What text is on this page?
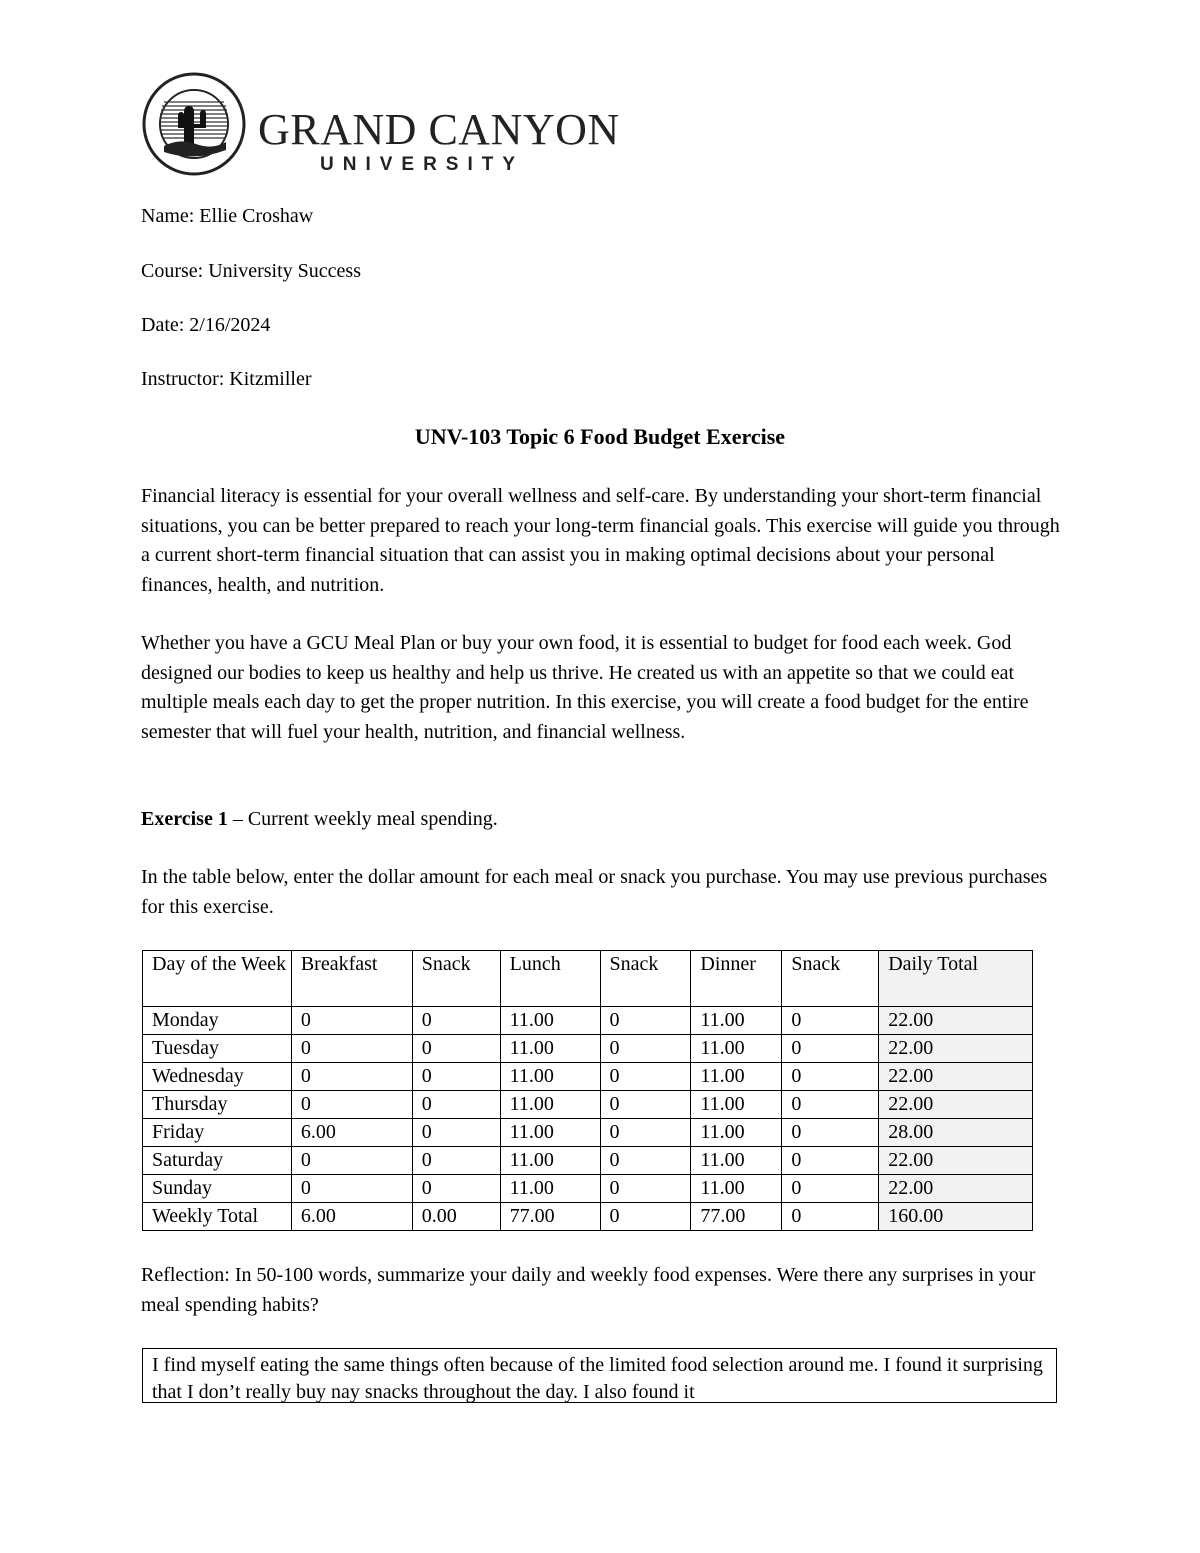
GRAND CANYON
UNIVERSITY

Name: Ellie Croshaw

Course: University Success

Date: 2/16/2024

Instructor: Kitzmiller

UNV-103 Topic 6 Food Budget Exercise

Financial literacy is essential for your overall wellness and self-care. By understanding your short-term financial situations, you can be better prepared to reach your long-term financial goals. This exercise will guide you through a current short-term financial situation that can assist you in making optimal decisions about your personal finances, health, and nutrition.

Whether you have a GCU Meal Plan or buy your own food, it is essential to budget for food each week. God designed our bodies to keep us healthy and help us thrive. He created us with an appetite so that we could eat multiple meals each day to get the proper nutrition. In this exercise, you will create a food budget for the entire semester that will fuel your health, nutrition, and financial wellness.

Exercise 1 – Current weekly meal spending.

In the table below, enter the dollar amount for each meal or snack you purchase. You may use previous purchases for this exercise.

Day of the Week	Breakfast	Snack	Lunch	Snack	Dinner	Snack	Daily Total
Monday	0	0	11.00	0	11.00	0	22.00
Tuesday	0	0	11.00	0	11.00	0	22.00
Wednesday	0	0	11.00	0	11.00	0	22.00
Thursday	0	0	11.00	0	11.00	0	22.00
Friday	6.00	0	11.00	0	11.00	0	28.00
Saturday	0	0	11.00	0	11.00	0	22.00
Sunday	0	0	11.00	0	11.00	0	22.00
Weekly Total	6.00	0.00	77.00	0	77.00	0	160.00

Reflection: In 50-100 words, summarize your daily and weekly food expenses. Were there any surprises in your meal spending habits?

I find myself eating the same things often because of the limited food selection around me. I found it surprising that I don’t really buy nay snacks throughout the day. I also found it
